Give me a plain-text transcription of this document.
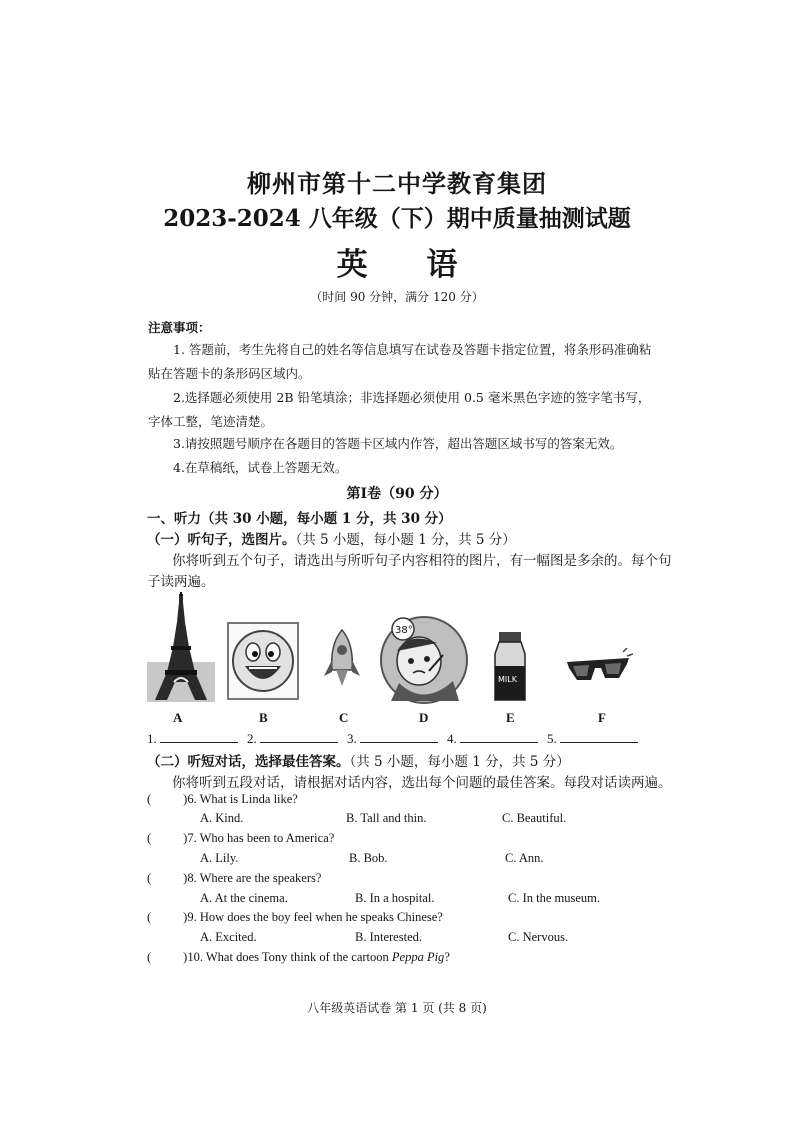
柳州市第十二中学教育集团
2023-2024 八年级（下）期中质量抽测试题
英 语
（时间 90 分钟，满分 120 分）
注意事项：
1. 答题前，考生先将自己的姓名等信息填写在试卷及答题卡指定位置，将条形码准确粘贴在答题卡的条形码区域内。
2.选择题必须使用 2B 铅笔填涂；非选择题必须使用 0.5 毫米黑色字迹的签字笔书写，字体工整，笔迹清楚。
3.请按照题号顺序在各题目的答题卡区域内作答，超出答题区域书写的答案无效。
4.在草稿纸，试卷上答题无效。
第Ⅰ卷（90 分）
一、听力（共 30 小题，每小题 1 分，共 30 分）
（一）听句子，选图片。（共 5 小题，每小题 1 分，共 5 分）
你将听到五个句子，请选出与所听句子内容相符的图片，有一幅图是多余的。每个句
子读两遍。
38°
MILK
A	B	C	D	E	F
1.	2.	3.	4.	5.
（二）听短对话，选择最佳答案。（共 5 小题，每小题 1 分，共 5 分）
你将听到五段对话，请根据对话内容，选出每个问题的最佳答案。每段对话读两遍。
(	)6. What is Linda like?
A. Kind.	B. Tall and thin.	C. Beautiful.
(	)7. Who has been to America?
A. Lily.	B. Bob.	C. Ann.
(	)8. Where are the speakers?
A. At the cinema.	B. In a hospital.	C. In the museum.
(	)9. How does the boy feel when he speaks Chinese?
A. Excited.	B. Interested.	C. Nervous.
(	)10. What does Tony think of the cartoon Peppa Pig?
八年级英语试卷 第 1 页 (共 8 页)
